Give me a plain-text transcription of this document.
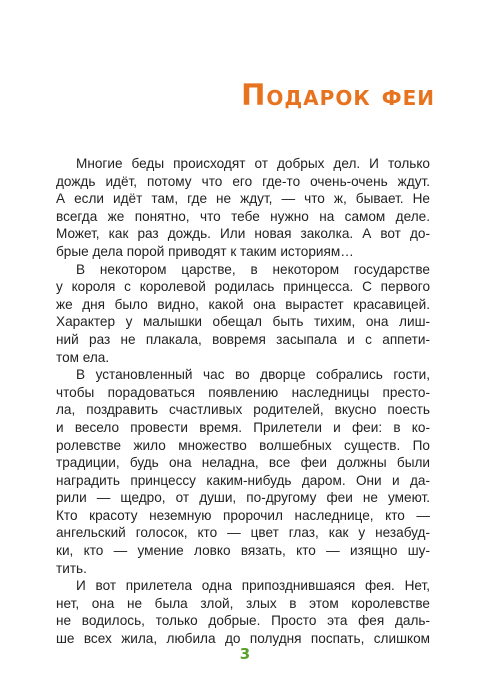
Подарок феи
Многие беды происходят от добрых дел. И только
дождь идёт, потому что его где-то очень-очень ждут.
А если идёт там, где не ждут, — что ж, бывает. Не
всегда же понятно, что тебе нужно на самом деле.
Может, как раз дождь. Или новая заколка. А вот до-
брые дела порой приводят к таким историям…
В некотором царстве, в некотором государстве
у короля с королевой родилась принцесса. С первого
же дня было видно, какой она вырастет красавицей.
Характер у малышки обещал быть тихим, она лиш-
ний раз не плакала, вовремя засыпала и с аппети-
том ела.
В установленный час во дворце собрались гости,
чтобы порадоваться появлению наследницы престо-
ла, поздравить счастливых родителей, вкусно поесть
и весело провести время. Прилетели и феи: в ко-
ролевстве жило множество волшебных существ. По
традиции, будь она неладна, все феи должны были
наградить принцессу каким-нибудь даром. Они и да-
рили — щедро, от души, по-другому феи не умеют.
Кто красоту неземную пророчил наследнице, кто —
ангельский голосок, кто — цвет глаз, как у незабуд-
ки, кто — умение ловко вязать, кто — изящно шу-
тить.
И вот прилетела одна припозднившаяся фея. Нет,
нет, она не была злой, злых в этом королевстве
не водилось, только добрые. Просто эта фея даль-
ше всех жила, любила до полудня поспать, слишком
3
